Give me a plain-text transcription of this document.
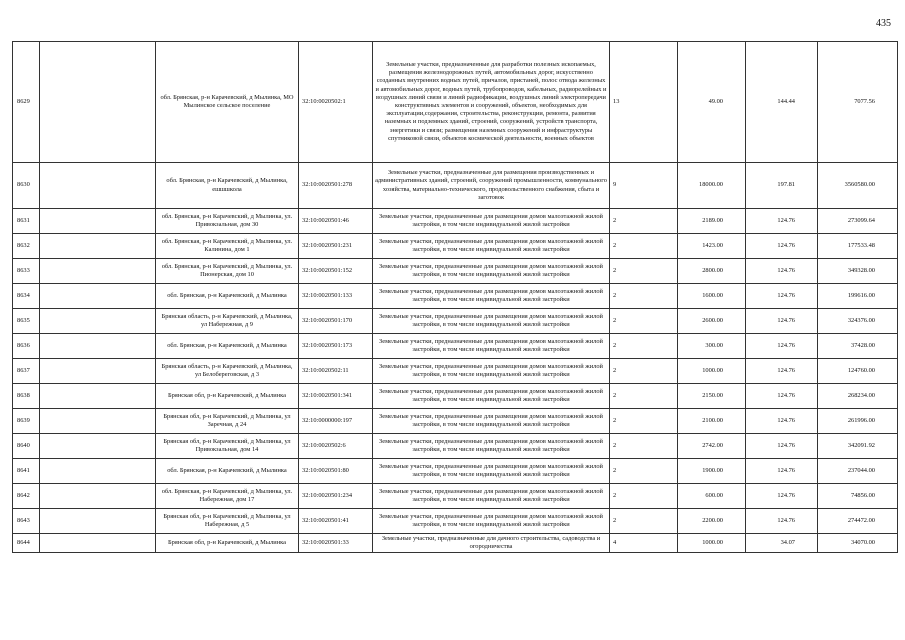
435
8629		обл. Брянская, р-н Карачевский, д Мылинка, МО Мылинское сельское поселение	32:10:0020502:1	Земельные участки, предназначенные для разработки полезных ископаемых, размещения железнодорожных путей, автомобильных дорог, искусственно созданных внутренних водных путей, причалов, пристаней, полос отвода железных и автомобильных дорог, водных путей, трубопроводов, кабельных, радиорелейных и воздушных линий связи и линий радиофикации, воздушных линий электропередачи конструктивных элементов и сооружений, объектов, необходимых для эксплуатации,содержания, строительства, реконструкции, ремонта, развития наземных и подземных зданий, строений, сооружений, устройств транспорта, энергетики и связи; размещения наземных сооружений и инфраструктуры спутниковой связи, объектов космической деятельности, военных объектов	13	49.00	144.44	7077.56
8630		обл. Брянская, р-н Карачевский, д Мылинка, ешшшкола	32:10:0020501:278	Земельные участки, предназначенные для размещения производственных и административных зданий, строений, сооружений промышленности, коммунального хозяйства, материально-технического, продовольственного снабжения, сбыта и заготовок	9	18000.00	197.81	3560580.00
8631		обл. Брянская, р-н Карачевский, д Мылинка, ул. Привокзальная, дом 30	32:10:0020501:46	Земельные участки, предназначенные для размещения домов малоэтажной жилой застройки, в том числе индивидуальной жилой застройки	2	2189.00	124.76	273099.64
8632		обл. Брянская, р-н Карачевский, д Мылинка, ул. Калинина, дом 1	32:10:0020501:231	Земельные участки, предназначенные для размещения домов малоэтажной жилой застройки, в том числе индивидуальной жилой застройки	2	1423.00	124.76	177533.48
8633		обл. Брянская, р-н Карачевский, д Мылинка, ул. Пионерская, дом 10	32:10:0020501:152	Земельные участки, предназначенные для размещения домов малоэтажной жилой застройки, в том числе индивидуальной жилой застройки	2	2800.00	124.76	349328.00
8634		обл. Брянская, р-н Карачевский, д Мылинка	32:10:0020501:133	Земельные участки, предназначенные для размещения домов малоэтажной жилой застройки, в том числе индивидуальной жилой застройки	2	1600.00	124.76	199616.00
8635		Брянская область, р-н Карачевский, д Мылинка, ул Набережная, д 9	32:10:0020501:170	Земельные участки, предназначенные для размещения домов малоэтажной жилой застройки, в том числе индивидуальной жилой застройки	2	2600.00	124.76	324376.00
8636		обл. Брянская, р-н Карачевский, д Мылинка	32:10:0020501:173	Земельные участки, предназначенные для размещения домов малоэтажной жилой застройки, в том числе индивидуальной жилой застройки	2	300.00	124.76	37428.00
8637		Брянская область, р-н Карачевский, д Мылинка, ул Белобереговская, д 3	32:10:0020502:11	Земельные участки, предназначенные для размещения домов малоэтажной жилой застройки, в том числе индивидуальной жилой застройки	2	1000.00	124.76	124760.00
8638		Брянская обл, р-н Карачевский, д Мылинка	32:10:0020501:341	Земельные участки, предназначенные для размещения домов малоэтажной жилой застройки, в том числе индивидуальной жилой застройки	2	2150.00	124.76	268234.00
8639		Брянская обл, р-н Карачевский, д Мылинка, ул Заречная, д 24	32:10:0000000:197	Земельные участки, предназначенные для размещения домов малоэтажной жилой застройки, в том числе индивидуальной жилой застройки	2	2100.00	124.76	261996.00
8640		Брянская обл, р-н Карачевский, д Мылинка, ул Привокзальная, дом 14	32:10:0020502:6	Земельные участки, предназначенные для размещения домов малоэтажной жилой застройки, в том числе индивидуальной жилой застройки	2	2742.00	124.76	342091.92
8641		обл. Брянская, р-н Карачевский, д Мылинка	32:10:0020501:80	Земельные участки, предназначенные для размещения домов малоэтажной жилой застройки, в том числе индивидуальной жилой застройки	2	1900.00	124.76	237044.00
8642		обл. Брянская, р-н Карачевский, д Мылинка, ул. Набережная, дом 17	32:10:0020501:234	Земельные участки, предназначенные для размещения домов малоэтажной жилой застройки, в том числе индивидуальной жилой застройки	2	600.00	124.76	74856.00
8643		Брянская обл, р-н Карачевский, д Мылинка, ул Набережная, д 5	32:10:0020501:41	Земельные участки, предназначенные для размещения домов малоэтажной жилой застройки, в том числе индивидуальной жилой застройки	2	2200.00	124.76	274472.00
8644		Брянская обл, р-н Карачевский, д Мылинка	32:10:0020501:33	Земельные участки, предназначенные для дачного строительства, садоводства и огородничества	4	1000.00	34.07	34070.00
